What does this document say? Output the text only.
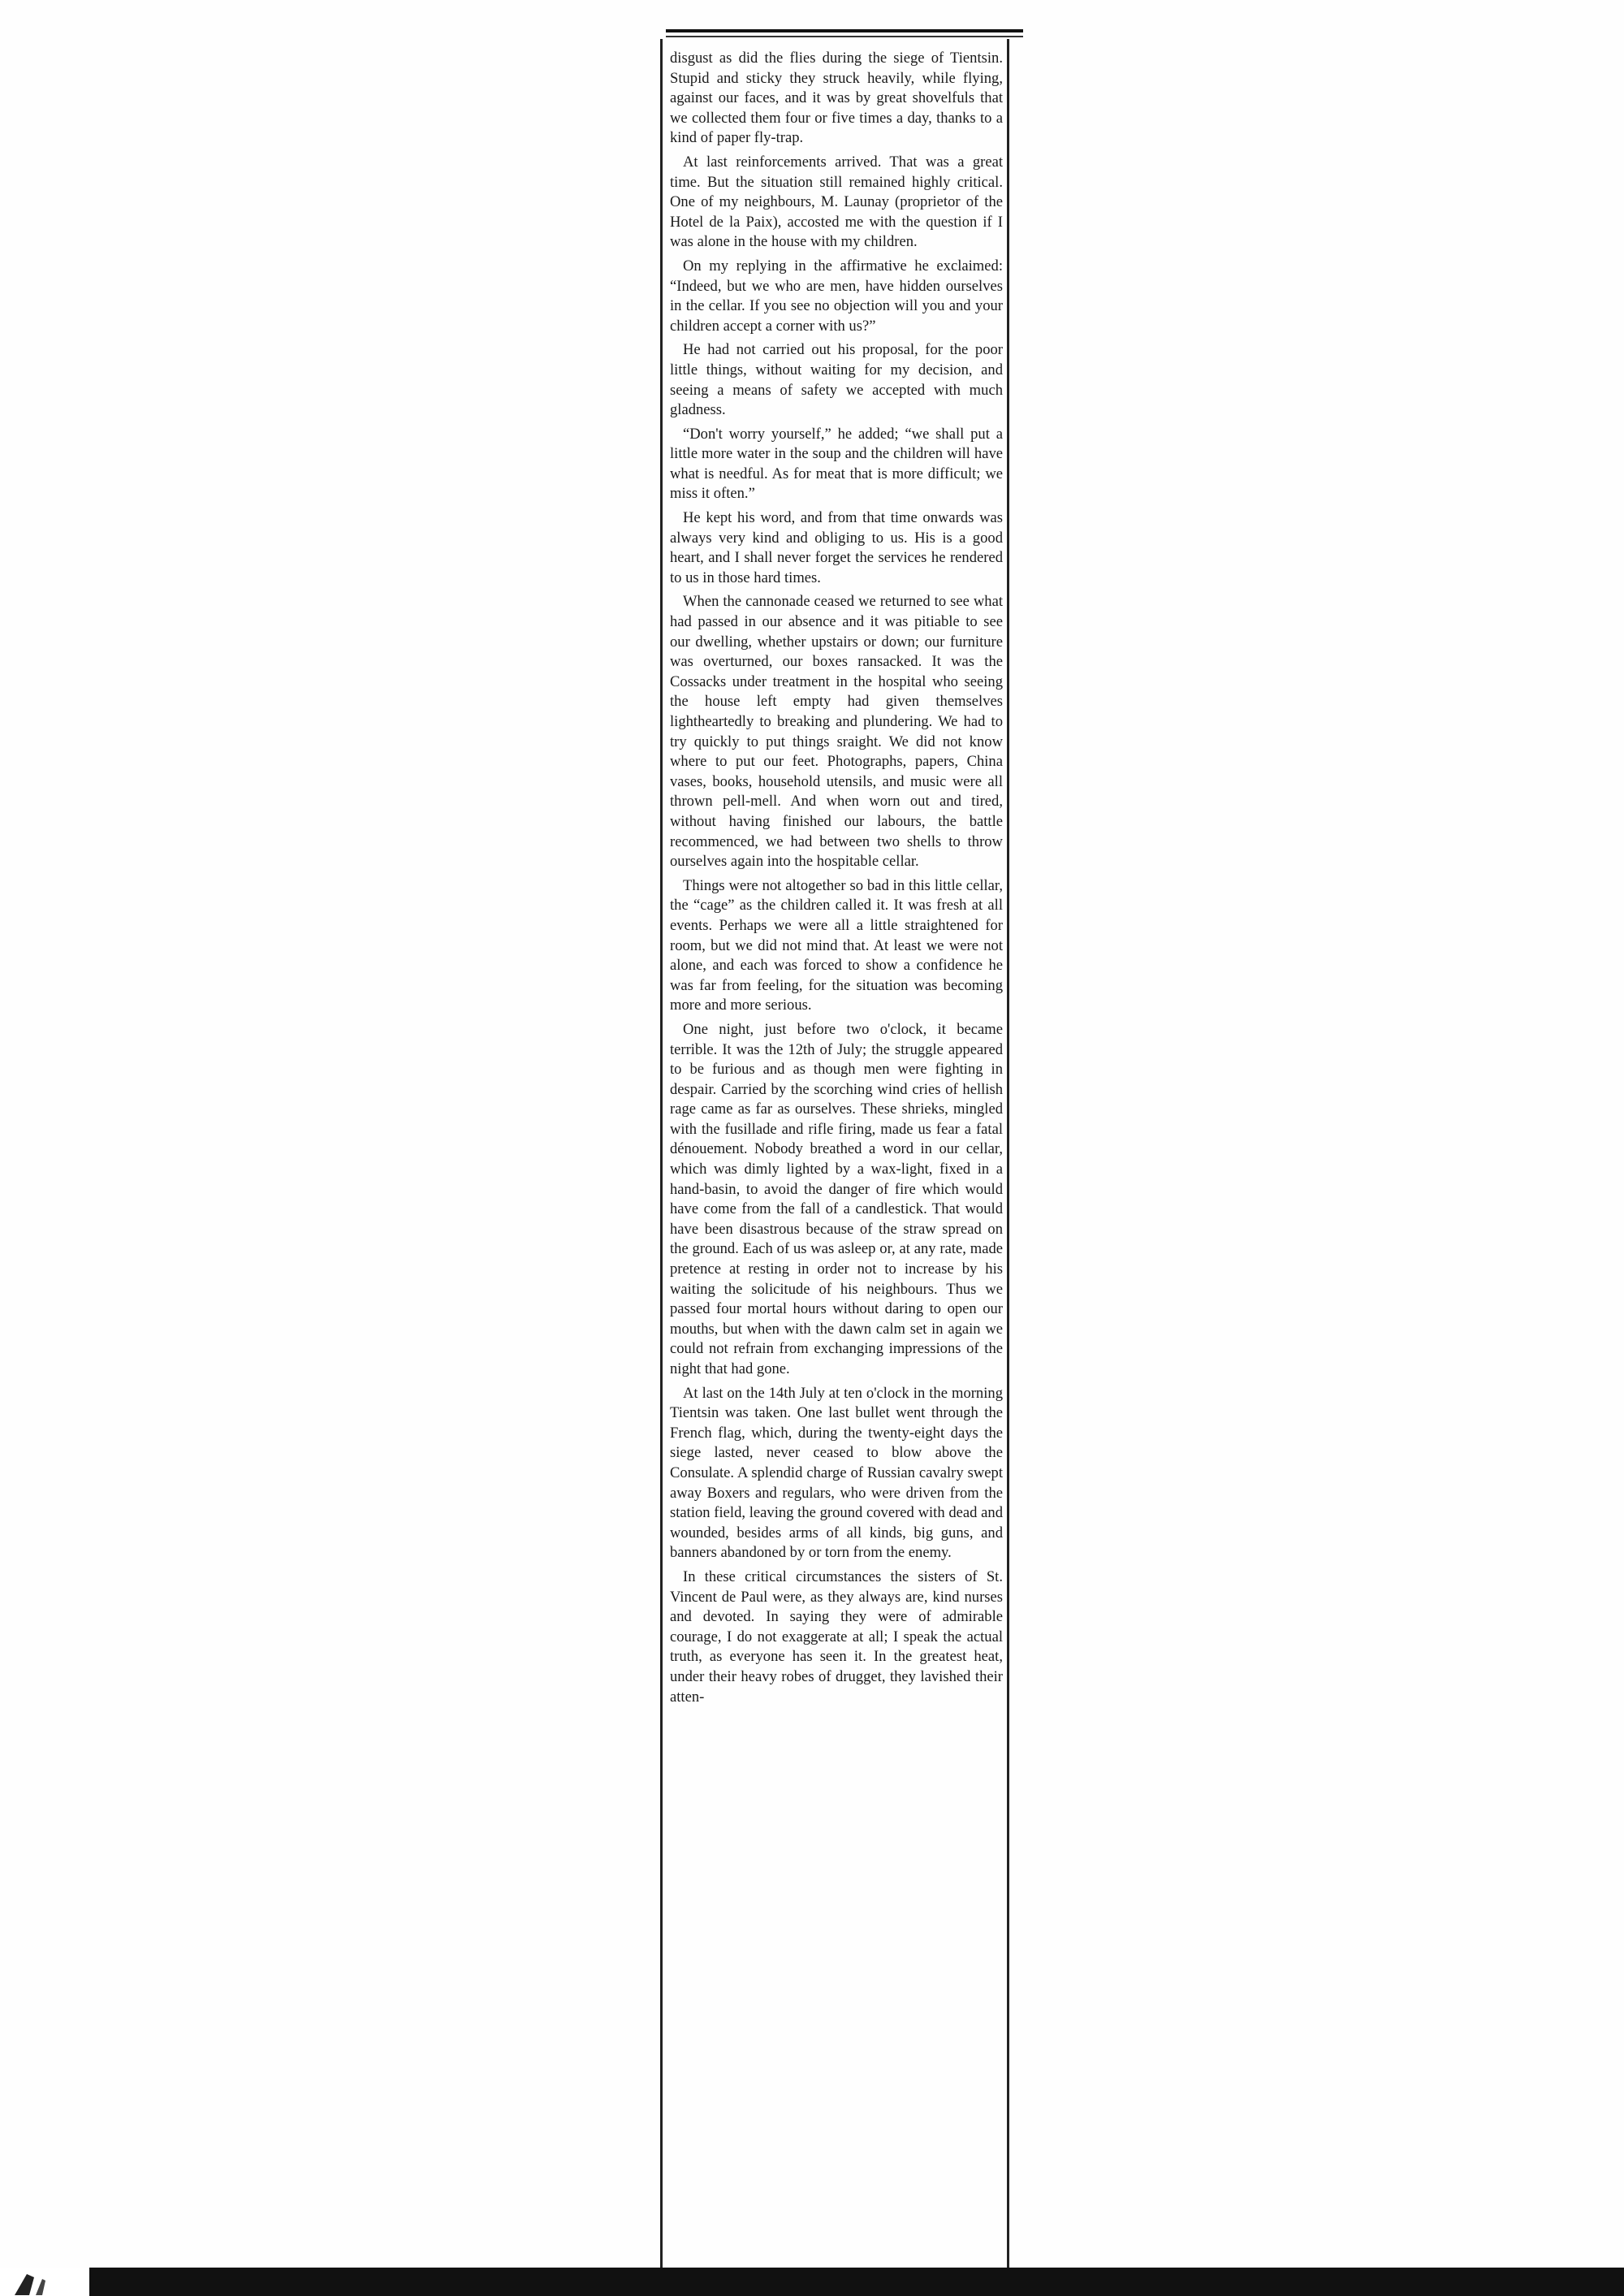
disgust as did the flies during the siege of Tientsin. Stupid and sticky they struck heavily, while flying, against our faces, and it was by great shovelfuls that we collected them four or five times a day, thanks to a kind of paper fly-trap.

At last reinforcements arrived. That was a great time. But the situation still remained highly critical. One of my neighbours, M. Launay (proprietor of the Hotel de la Paix), accosted me with the question if I was alone in the house with my children.

On my replying in the affirmative he exclaimed: “Indeed, but we who are men, have hidden ourselves in the cellar. If you see no objection will you and your children accept a corner with us?”

He had not carried out his proposal, for the poor little things, without waiting for my decision, and seeing a means of safety we accepted with much gladness.

“Don't worry yourself,” he added; “we shall put a little more water in the soup and the children will have what is needful. As for meat that is more difficult; we miss it often.”

He kept his word, and from that time onwards was always very kind and obliging to us. His is a good heart, and I shall never forget the services he rendered to us in those hard times.

When the cannonade ceased we returned to see what had passed in our absence and it was pitiable to see our dwelling, whether upstairs or down; our furniture was overturned, our boxes ransacked. It was the Cossacks under treatment in the hospital who seeing the house left empty had given themselves lightheartedly to breaking and plundering. We had to try quickly to put things sraight. We did not know where to put our feet. Photographs, papers, China vases, books, household utensils, and music were all thrown pell-mell. And when worn out and tired, without having finished our labours, the battle recommenced, we had between two shells to throw ourselves again into the hospitable cellar.

Things were not altogether so bad in this little cellar, the “cage” as the children called it. It was fresh at all events. Perhaps we were all a little straightened for room, but we did not mind that. At least we were not alone, and each was forced to show a confidence he was far from feeling, for the situation was becoming more and more serious.

One night, just before two o'clock, it became terrible. It was the 12th of July; the struggle appeared to be furious and as though men were fighting in despair. Carried by the scorching wind cries of hellish rage came as far as ourselves. These shrieks, mingled with the fusillade and rifle firing, made us fear a fatal dénouement. Nobody breathed a word in our cellar, which was dimly lighted by a wax-light, fixed in a hand-basin, to avoid the danger of fire which would have come from the fall of a candlestick. That would have been disastrous because of the straw spread on the ground. Each of us was asleep or, at any rate, made pretence at resting in order not to increase by his waiting the solicitude of his neighbours. Thus we passed four mortal hours without daring to open our mouths, but when with the dawn calm set in again we could not refrain from exchanging impressions of the night that had gone.

At last on the 14th July at ten o'clock in the morning Tientsin was taken. One last bullet went through the French flag, which, during the twenty-eight days the siege lasted, never ceased to blow above the Consulate. A splendid charge of Russian cavalry swept away Boxers and regulars, who were driven from the station field, leaving the ground covered with dead and wounded, besides arms of all kinds, big guns, and banners abandoned by or torn from the enemy.

In these critical circumstances the sisters of St. Vincent de Paul were, as they always are, kind nurses and devoted. In saying they were of admirable courage, I do not exaggerate at all; I speak the actual truth, as everyone has seen it. In the greatest heat, under their heavy robes of drugget, they lavished their atten-
